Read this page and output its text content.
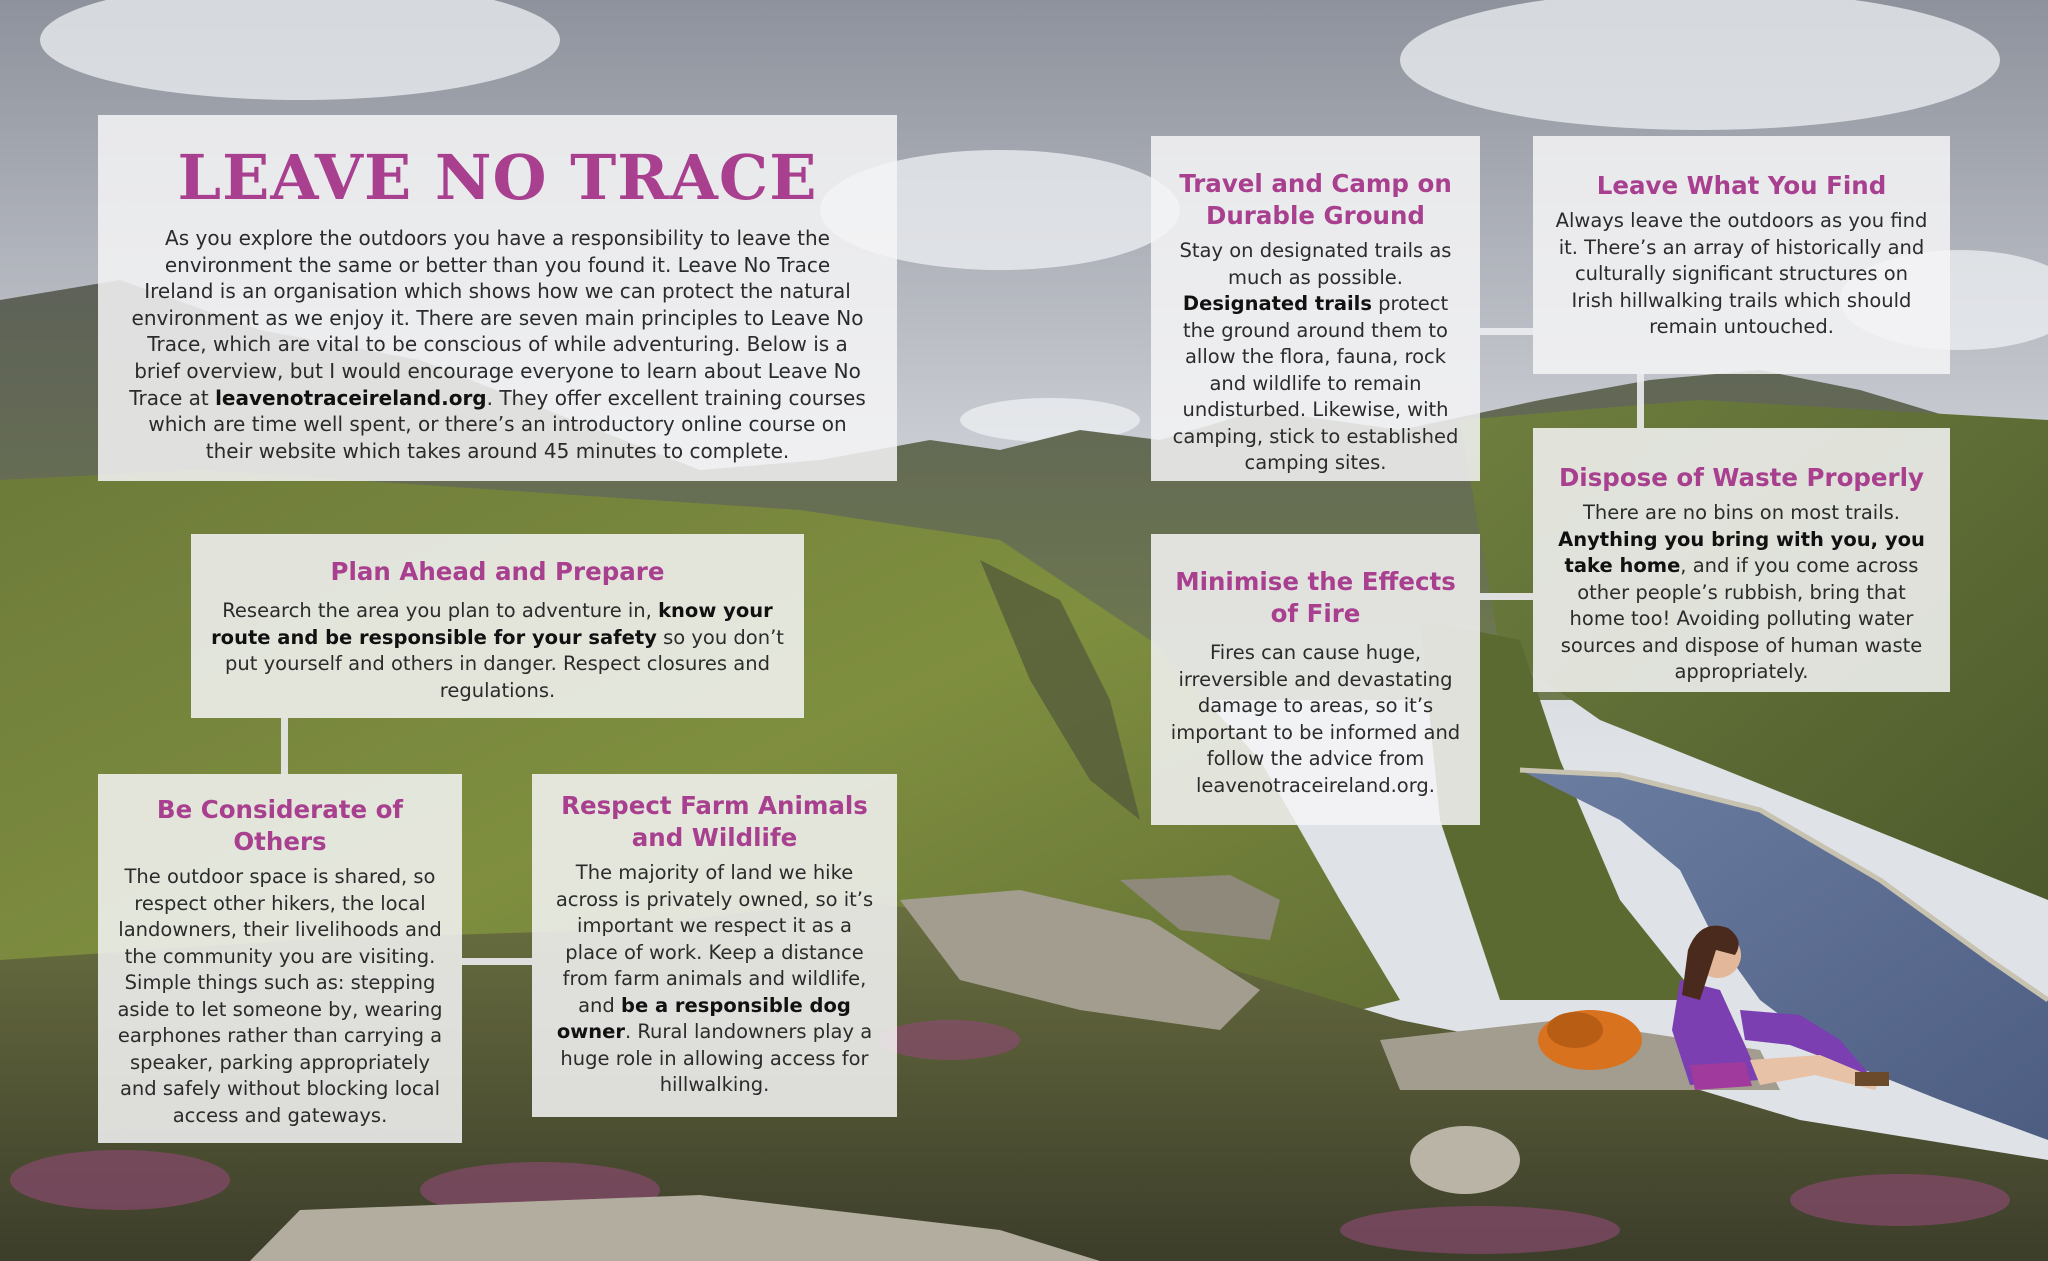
LEAVE NO TRACE

As you explore the outdoors you have a responsibility to leave the environment the same or better than you found it. Leave No Trace Ireland is an organisation which shows how we can protect the natural environment as we enjoy it. There are seven main principles to Leave No Trace, which are vital to be conscious of while adventuring. Below is a brief overview, but I would encourage everyone to learn about Leave No Trace at leavenotraceireland.org. They offer excellent training courses which are time well spent, or there’s an introductory online course on their website which takes around 45 minutes to complete.

Plan Ahead and Prepare

Research the area you plan to adventure in, know your route and be responsible for your safety so you don’t put yourself and others in danger. Respect closures and regulations.

Be Considerate of Others

The outdoor space is shared, so respect other hikers, the local landowners, their livelihoods and the community you are visiting. Simple things such as: stepping aside to let someone by, wearing earphones rather than carrying a speaker, parking appropriately and safely without blocking local access and gateways.

Respect Farm Animals and Wildlife

The majority of land we hike across is privately owned, so it’s important we respect it as a place of work. Keep a distance from farm animals and wildlife, and be a responsible dog owner. Rural landowners play a huge role in allowing access for hillwalking.

Travel and Camp on Durable Ground

Stay on designated trails as much as possible. Designated trails protect the ground around them to allow the flora, fauna, rock and wildlife to remain undisturbed. Likewise, with camping, stick to established camping sites.

Leave What You Find

Always leave the outdoors as you find it. There’s an array of historically and culturally significant structures on Irish hillwalking trails which should remain untouched.

Minimise the Effects of Fire

Fires can cause huge, irreversible and devastating damage to areas, so it’s important to be informed and follow the advice from leavenotraceireland.org.

Dispose of Waste Properly

There are no bins on most trails. Anything you bring with you, you take home, and if you come across other people’s rubbish, bring that home too! Avoiding polluting water sources and dispose of human waste appropriately.
